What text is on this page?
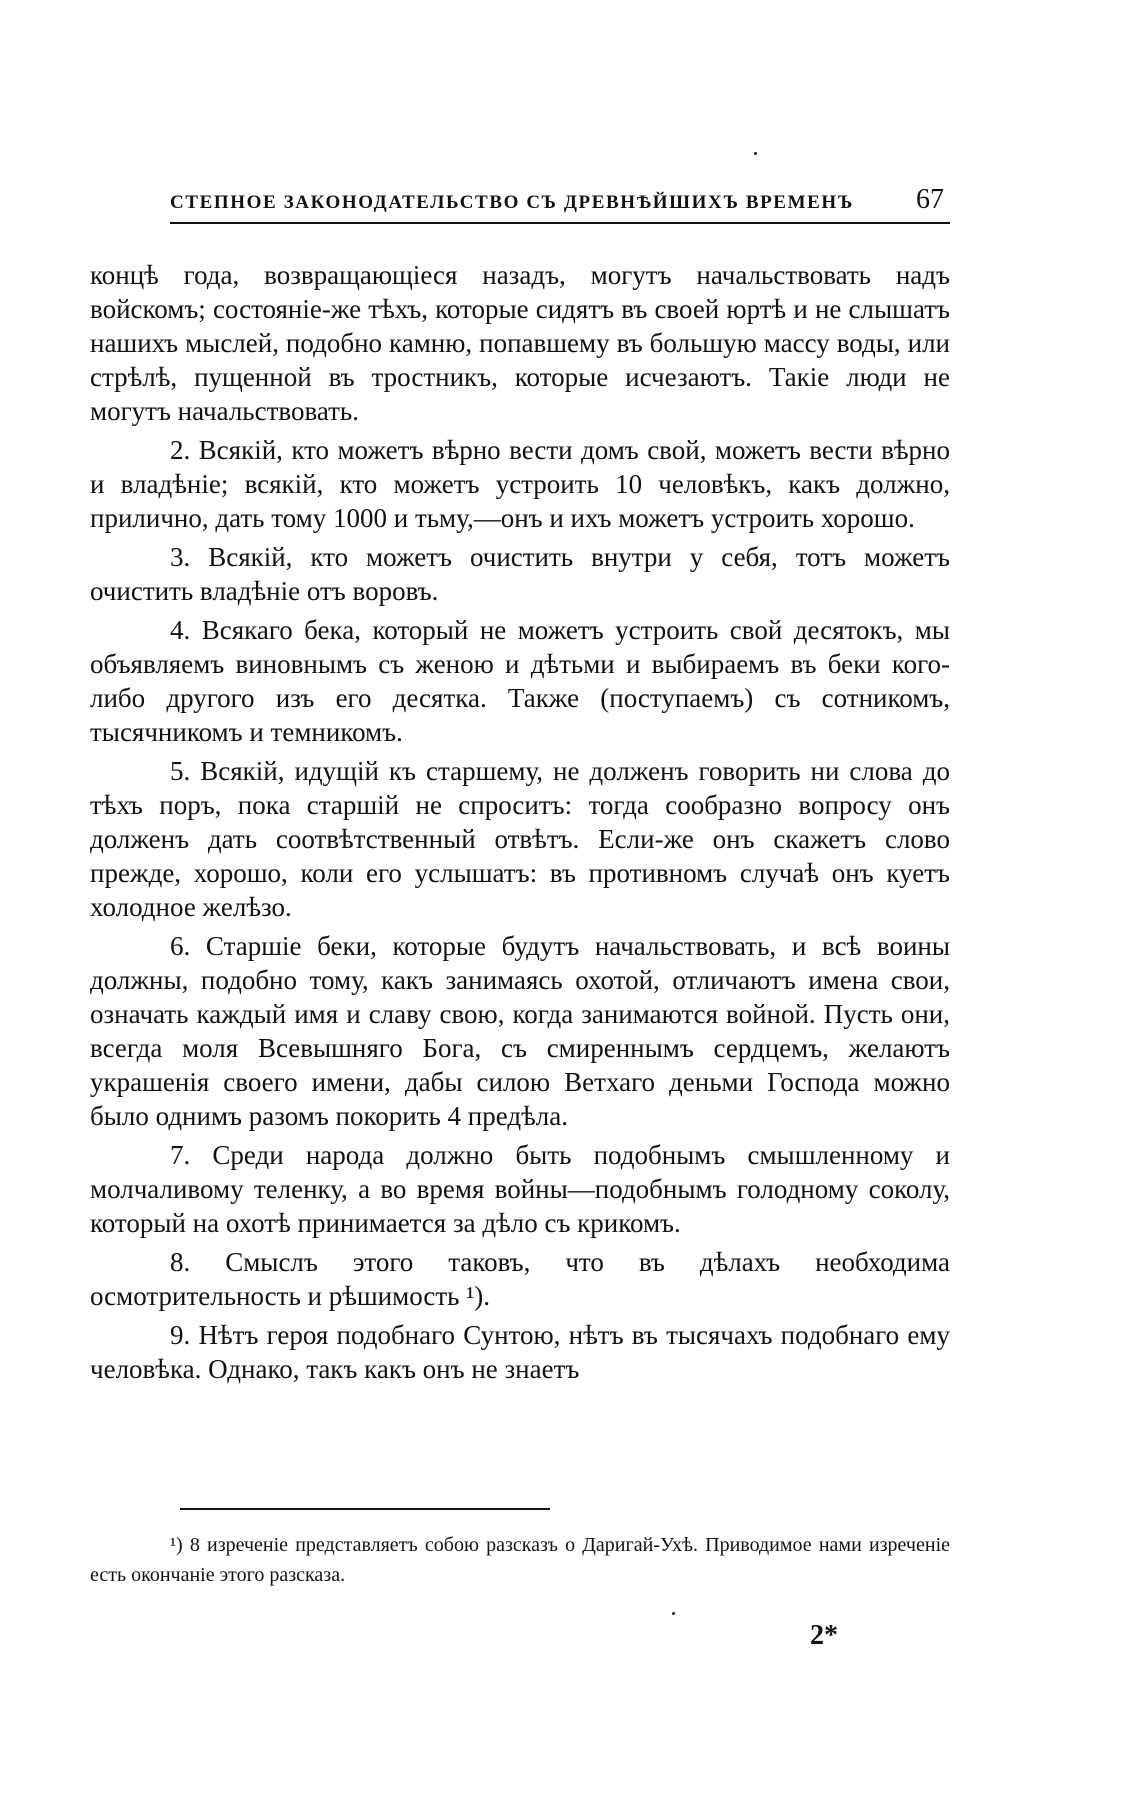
СТЕПНОЕ ЗАКОНОДАТЕЛЬСТВО СЪ ДРЕВНѢЙШИХЪ ВРЕМЕНЪ 67

концѣ года, возвращающіеся назадъ, могутъ начальствовать надъ войскомъ; состояніе-же тѣхъ, которые сидятъ въ своей юртѣ и не слышатъ нашихъ мыслей, подобно камню, попавшему въ большую массу воды, или стрѣлѣ, пущенной въ тростникъ, которые исчезаютъ. Такіе люди не могутъ начальствовать.

2. Всякій, кто можетъ вѣрно вести домъ свой, можетъ вести вѣрно и владѣніе; всякій, кто можетъ устроить 10 человѣкъ, какъ должно, прилично, дать тому 1000 и тьму,—онъ и ихъ можетъ устроить хорошо.

3. Всякій, кто можетъ очистить внутри у себя, тотъ можетъ очистить владѣніе отъ воровъ.

4. Всякаго бека, который не можетъ устроить свой десятокъ, мы объявляемъ виновнымъ съ женою и дѣтьми и выбираемъ въ беки кого-либо другого изъ его десятка. Также (поступаемъ) съ сотникомъ, тысячникомъ и темникомъ.

5. Всякій, идущій къ старшему, не долженъ говорить ни слова до тѣхъ поръ, пока старшій не спроситъ: тогда сообразно вопросу онъ долженъ дать соотвѣтственный отвѣтъ. Если-же онъ скажетъ слово прежде, хорошо, коли его услышатъ: въ противномъ случаѣ онъ куетъ холодное желѣзо.

6. Старшіе беки, которые будутъ начальствовать, и всѣ воины должны, подобно тому, какъ занимаясь охотой, отличаютъ имена свои, означать каждый имя и славу свою, когда занимаются войной. Пусть они, всегда моля Всевышняго Бога, съ смиреннымъ сердцемъ, желаютъ украшенія своего имени, дабы силою Ветхаго деньми Господа можно было однимъ разомъ покорить 4 предѣла.

7. Среди народа должно быть подобнымъ смышленному и молчаливому теленку, а во время войны—подобнымъ голодному соколу, который на охотѣ принимается за дѣло съ крикомъ.

8. Смыслъ этого таковъ, что въ дѣлахъ необходима осмотрительность и рѣшимость ¹).

9. Нѣтъ героя подобнаго Сунтою, нѣтъ въ тысячахъ подобнаго ему человѣка. Однако, такъ какъ онъ не знаетъ

¹) 8 изреченіе представляетъ собою разсказъ о Даригай-Ухѣ. Приводимое нами изреченіе есть окончаніе этого разсказа.
2*
